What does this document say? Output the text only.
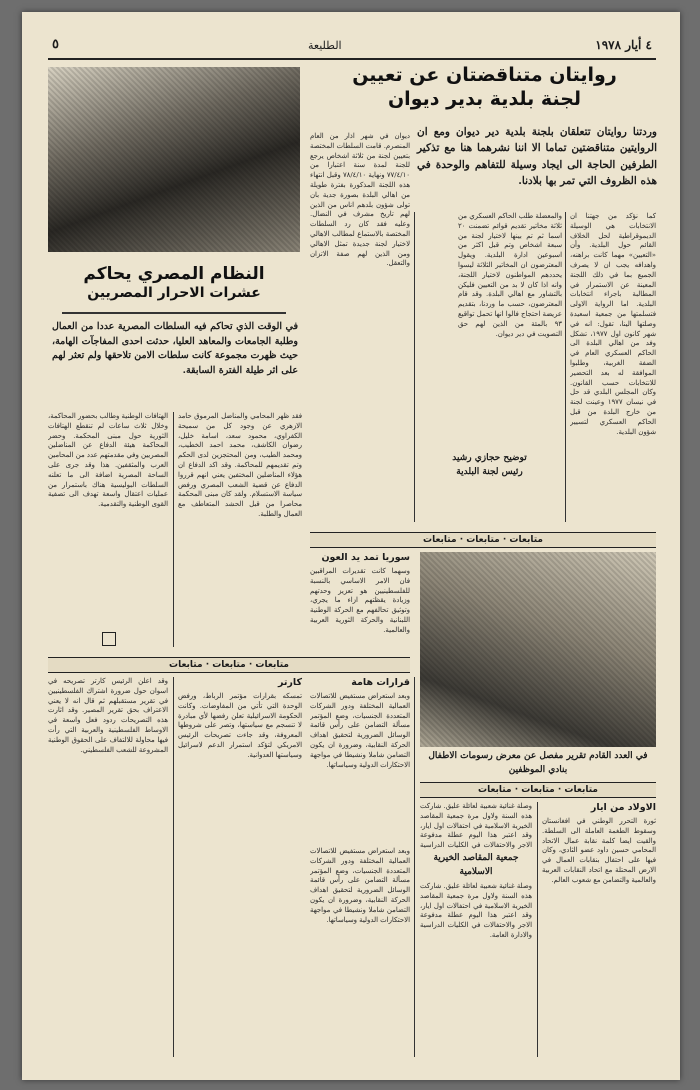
٤ أيار ١٩٧٨
الطليعة
٥
روايتان متناقضتان عن تعيين
لجنة بلدية بدير ديوان
وردتنا روايتان تتعلقان بلجنة بلدية دير ديوان ومع ان الروايتين متناقضتين تماما الا اننا نشرهما هنا مع تذكير الطرفين الحاجة الى ايجاد وسيلة للتفاهم والوحدة في هذه الظروف التي تمر بها بلادنا.
كما نؤكد من جهتنا ان الانتخابات هي الوسيلة الديموقراطية لحل الخلاف القائم حول البلدية. وأن «التعيين» مهما كانت براهنه، واهدافه يجب ان لا يصرف الجميع بما في ذلك اللجنة المعينة عن الاستمرار في المطالبة باجراء انتخابات البلدية. اما الرواية الاولى فتسلمتها من جمعية اسعيدة وصلتها الينا، تقول: انه في شهر كانون اول ١٩٧٧، تشكل وفد من اهالي البلدة الى الحاكم العسكري العام في الضفة الغربية، وطلبوا الموافقة له بعد التحضير للانتخابات حسب القانون. وكان المجلس البلدي قد حل في نيسان ١٩٧٧ وعينت لجنة من خارج البلدة من قبل الحاكم العسكري لتسيير شؤون البلدية.
والمعضلة طلب الحاكم العسكري من ثلاثة مخاتير تقديم قوائم تضمنت ٢٠ اسما ثم تم بينها لاختيار لجنة من سبعة اشخاص وتم قبل اكثر من اسبوعين ادارة البلدية. ويقول المعترضون ان المخاتير الثلاثة ليسوا يحددهم المواطنون لاختيار اللجنة، وانه اذا كان لا بد من التعيين فليكن بالتشاور مع اهالي البلدة. وقد قام المعترضون، حسب ما وردنا، بتقديم عريضة احتجاج فالوا انها تحمل تواقيع ٩٣ بالمئة من الذين لهم حق التصويت في دير ديوان.
توضيح حجازي رشيد
رئيس لجنة البلدية
ديوان في شهر اذار من العام المنصرم. قامت السلطات المختصة بتعيين لجنة من ثلاثة اشخاص يرجع للجنة لمدة سنة اعتبارا من ٧٧/٤/١٠ ونهاية ٧٨/٤/١٠ وقبل انتهاء هذه اللجنة المذكورة بفترة طويلة من اهالي البلدة بصورة جدية بان تولى شؤون بلدهم اناس من الذين لهم تاريخ مشرف في النضال. وعليه فقد كان رد السلطات المختصة بالاستماع لمطالب الاهالي لاختيار لجنة جديدة تمثل الاهالي ومن الذين لهم صفة الاتزان والتعقل.
النظام المصري يحاكم
عشرات الاحرار المصريين
في الوقت الذي تحاكم فيه السلطات المصرية عددا من العمال وطلبة الجامعات والمعاهد العليا، حدثت احدى المفاجآت الهامة، حيث ظهرت مجموعة كانت سلطات الامن تلاحقها ولم تعثر لهم على اثر طيلة الفترة السابقة.
فقد ظهر المحامي والمناضل المرموق حامد الازهري عن وجود كل من سميحة الكفراوي، محمود سعد، اسامة خليل، رضوان الكاشف، محمد احمد الخطيب، ومحمد الطيب، ومن المحتجزين لدى الحكم وتم تقديمهم للمحاكمة. وقد اكد الدفاع ان هؤلاء المناضلين المختفين يعني انهم قرروا الدفاع عن قضية الشعب المصري ورفض سياسة الاستسلام. ولقد كان مبنى المحكمة محاصرا من قبل الحشد المتعاطف مع العمال والطلبة.
الهتافات الوطنية وطالب بحضور المحاكمة، وخلال ثلاث ساعات لم تنقطع الهتافات الثورية حول مبنى المحكمة. وحضر المحاكمة هيئة الدفاع عن المناضلين المصريين وفي مقدمتهم عدد من المحامين العرب والمثقفين. هذا وقد جرى على الساحة المصرية اضافة الى ما تعلنه السلطات البوليسية هناك باستمرار من عمليات اعتقال واسعة تهدف الى تصفية القوى الوطنية والتقدمية.
متابعات · متابعات · متابعات
سوريا تمد يد العون
وسهما كانت تقديرات المراقبين فان الامر الاساسي بالنسبة للفلسطينيين هو تعزيز وحدتهم وزيادة يقظتهم ازاء ما يجري، وتوثيق تحالفهم مع الحركة الوطنية اللبنانية والحركة الثورية العربية والعالمية.
في العدد القادم تقرير مفصل عن معرض رسومات الاطفال
بنادي الموظفين
متابعات · متابعات · متابعات
قرارات هامة
وبعد استعراض مستفيض للاتصالات العمالية المختلفة ودور الشركات المتعددة الجنسيات، وضع المؤتمر مسألة التضامن على رأس قائمة الوسائل الضرورية لتحقيق اهداف الحركة النقابية، وضرورة ان يكون التضامن شاملا ونشيطا في مواجهة الاحتكارات الدولية وسياساتها.
كارتر
تمسكه بقرارات مؤتمر الرباط، ورفض الوحدة التي تأتي من المفاوضات. وكانت الحكومة الاسرائيلية تعلن رفضها لأي مبادرة لا تنسجم مع سياستها، وتصر على شروطها المعروفة، وقد جاءت تصريحات الرئيس الامريكي لتؤكد استمرار الدعم لاسرائيل وسياستها العدوانية.
وقد اعلن الرئيس كارتر تصريحه في اسوان حول ضرورة اشتراك الفلسطينيين في تقرير مستقبلهم ثم قال انه لا يعني الاعتراف بحق تقرير المصير. وقد اثارت هذه التصريحات ردود فعل واسعة في الاوساط الفلسطينية والعربية التي رأت فيها محاولة للالتفاف على الحقوق الوطنية المشروعة للشعب الفلسطيني.
متابعات · متابعات · متابعات
الاولاد من ايار
ثورة التحرر الوطني في افغانستان وسقوط الطغمة العاملة الى السلطة. والقيت ايضا كلمة نقابة عمال الاتحاد المحامي حسين داود عضو الثادي، وكان فيها على احتفال بنقابات العمال في الارض المحتلة مع اتحاد النقابات العربية والعالمية والتضامن مع شعوب العالم.
وصلة غنائية شعبية لعائلة عليق. شاركت هذه السنة ولاول مرة جمعية المقاصد الخيرية الاسلامية في احتفالات اول ايار، وقد اعتبر هذا اليوم عطلة مدفوعة الاجر والاحتفالات في الكليات الدراسية
جمعية المقاصد الخيرية الاسلامية
وصلة غنائية شعبية لعائلة عليق. شاركت هذه السنة ولاول مرة جمعية المقاصد الخيرية الاسلامية في احتفالات اول ايار، وقد اعتبر هذا اليوم عطلة مدفوعة الاجر والاحتفالات في الكليات الدراسية والادارة العامة.
وبعد استعراض مستفيض للاتصالات العمالية المختلفة ودور الشركات المتعددة الجنسيات، وضع المؤتمر مسألة التضامن على رأس قائمة الوسائل الضرورية لتحقيق اهداف الحركة النقابية، وضرورة ان يكون التضامن شاملا ونشيطا في مواجهة الاحتكارات الدولية وسياساتها.
